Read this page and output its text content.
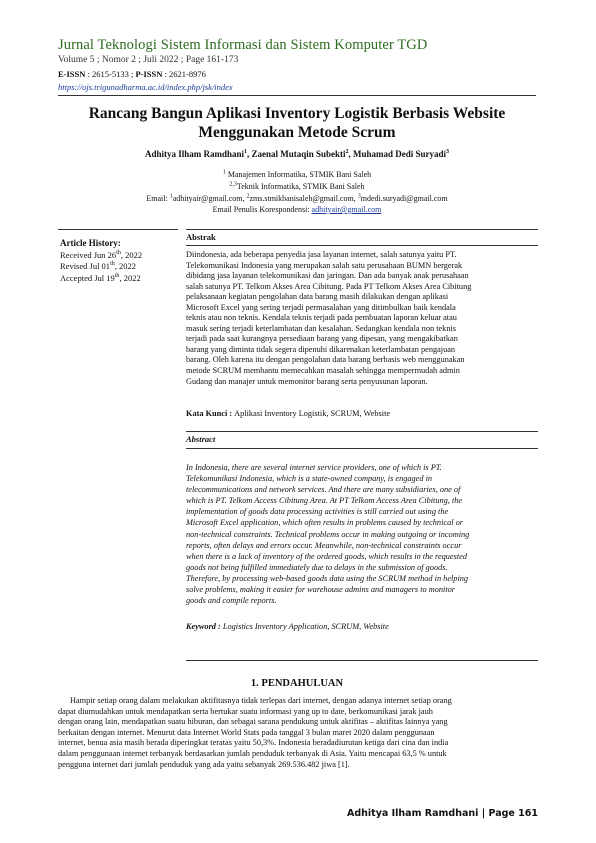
Jurnal Teknologi Sistem Informasi dan Sistem Komputer TGD
Volume 5 ; Nomor 2 ; Juli 2022 ; Page 161-173
E-ISSN : 2615-5133 ; P-ISSN : 2621-8976
https://ojs.trigunadharma.ac.id/index.php/jsk/index
Rancang Bangun Aplikasi Inventory Logistik Berbasis Website
Menggunakan Metode Scrum
Adhitya Ilham Ramdhani$^1$, Zaenal Mutaqin Subekti$^2$, Muhamad Dedi Suryadi$^3$
$^1$ Manajemen Informatika, STMIK Bani Saleh
$^{2,3}$Teknik Informatika, STMIK Bani Saleh
Email: $^1$adhityair@gmail.com, $^2$zms.stmikbanisaleh@gmail.com, $^3$mdedi.suryadi@gmail.com
Email Penulis Korespondensi: adhityair@gmail.com
Article History:
Received Jun 26th, 2022
Revised Jul 01th, 2022
Accepted Jul 19th, 2022
Abstrak
Diindonesia, ada beberapa penyedia jasa layanan internet, salah satunya yaitu PT.
Telekomunikasi Indonesia yang merupakan salah satu perusahaan BUMN bergerak
dibidang jasa layanan telekomunikasi dan jaringan. Dan ada banyak anak perusahaan
salah satunya PT. Telkom Akses Area Cibitung. Pada PT Telkom Akses Area Cibitung
pelaksanaan kegiatan pengolahan data barang masih dilakukan dengan aplikasi
Microsoft Excel yang sering terjadi permasalahan yang ditimbulkan baik kendala
teknis atau non teknis. Kendala teknis terjadi pada pembuatan laporan keluar atau
masuk sering terjadi keterlambatan dan kesalahan. Sedangkan kendala non teknis
terjadi pada saat kurangnya persediaan barang yang dipesan, yang mengakibatkan
barang yang diminta tidak segera dipenuhi dikarenakan keterlambatan pengajuan
barang. Oleh karena itu dengan pengolahan data barang berbasis web menggunakan
metode SCRUM membantu memecahkan masalah sehingga mempermudah admin
Gudang dan manajer untuk memonitor barang serta penyusunan laporan.
Kata Kunci : Aplikasi Inventory Logistik, SCRUM, Website
Abstract
In Indonesia, there are several internet service providers, one of which is PT.
Telekomunikasi Indonesia, which is a state-owned company, is engaged in
telecommunications and network services. And there are many subsidiaries, one of
which is PT. Telkom Access Cibitung Area. At PT Telkom Access Area Cibitung, the
implementation of goods data processing activities is still carried out using the
Microsoft Excel application, which often results in problems caused by technical or
non-technical constraints. Technical problems occur in making outgoing or incoming
reports, often delays and errors occur. Meanwhile, non-technical constraints occur
when there is a lack of inventory of the ordered goods, which results in the requested
goods not being fulfilled immediately due to delays in the submission of goods.
Therefore, by processing web-based goods data using the SCRUM method in helping
solve problems, making it easier for warehouse admins and managers to monitor
goods and compile reports.
Keyword : Logistics Inventory Application, SCRUM, Website
1. PENDAHULUAN
Hampir setiap orang dalam melakukan aktifitasnya tidak terlepas dari internet, dengan adanya internet setiap orang
dapat diumudahkan untuk mendapatkan serta bertukar suatu informasi yang up to date, berkomunikasi jarak jauh
dengan orang lain, mendapatkan suatu hiburan, dan sebagai sarana pendukung untuk aktifitas – aktifitas lainnya yang
berkaitan dengan internet. Menurut data Internet World Stats pada tanggal 3 bulan maret 2020 dalam penggunaan
internet, benua asia masih berada diperingkat teratas yaitu 50,3%. Indonesia beradadiurutan ketiga dari cina dan india
dalam penggunaan internet terbanyak berdasarkan jumlah penduduk terbanyak di Asia. Yaitu mencapai 63,5 % untuk
pengguna internet dari jumlah penduduk yang ada yaitu sebanyak 269.536.482 jiwa [1].
Adhitya Ilham Ramdhani | Page 161
